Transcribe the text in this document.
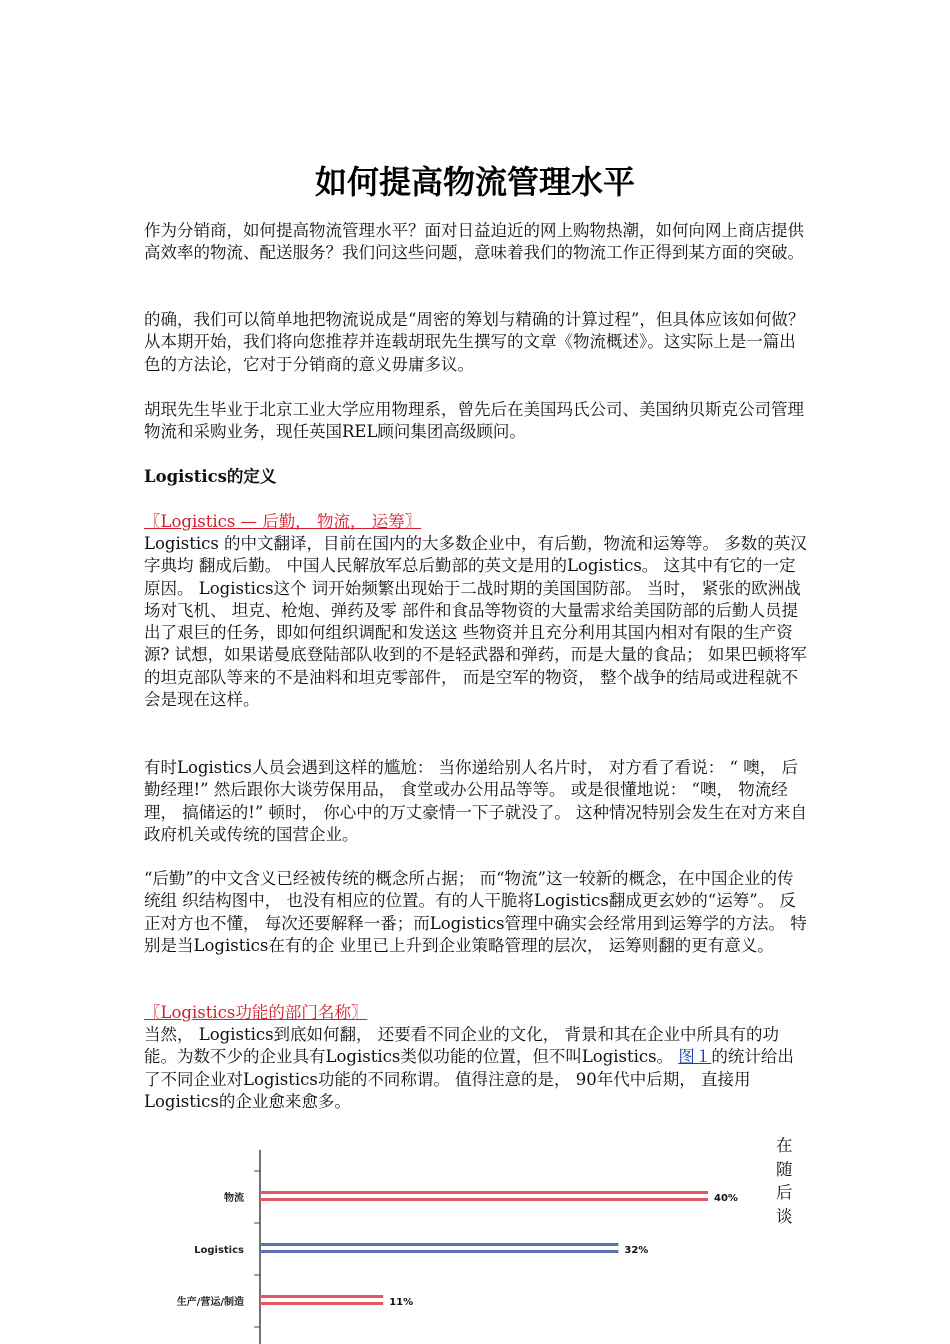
如何提高物流管理水平

作为分销商，如何提高物流管理水平？面对日益迫近的网上购物热潮，如何向网上商店提供高效率的物流、配送服务？我们问这些问题，意味着我们的物流工作正得到某方面的突破。

的确，我们可以简单地把物流说成是“周密的筹划与精确的计算过程”，但具体应该如何做？从本期开始，我们将向您推荐并连载胡珉先生撰写的文章《物流概述》。这实际上是一篇出色的方法论，它对于分销商的意义毋庸多议。

胡珉先生毕业于北京工业大学应用物理系，曾先后在美国玛氏公司、美国纳贝斯克公司管理物流和采购业务，现任英国REL顾问集团高级顾问。

Logistics的定义

〖Logistics — 后勤， 物流， 运筹〗

Logistics 的中文翻译，目前在国内的大多数企业中，有后勤，物流和运筹等。 多数的英汉字典均 翻成后勤。 中国人民解放军总后勤部的英文是用的Logistics。 这其中有它的一定原因。 Logistics这个 词开始频繁出现始于二战时期的美国国防部。 当时， 紧张的欧洲战场对飞机、 坦克、枪炮、弹药及零 部件和食品等物资的大量需求给美国防部的后勤人员提出了艰巨的任务，即如何组织调配和发送这 些物资并且充分利用其国内相对有限的生产资源? 试想，如果诺曼底登陆部队收到的不是轻武器和弹药，而是大量的食品； 如果巴顿将军的坦克部队等来的不是油料和坦克零部件， 而是空军的物资， 整个战争的结局或进程就不会是现在这样。

有时Logistics人员会遇到这样的尴尬： 当你递给别人名片时， 对方看了看说： “ 噢， 后勤经理!” 然后跟你大谈劳保用品， 食堂或办公用品等等。 或是很懂地说： “噢， 物流经理， 搞储运的!” 顿时， 你心中的万丈豪情一下子就没了。 这种情况特别会发生在对方来自政府机关或传统的国营企业。

“后勤”的中文含义已经被传统的概念所占据； 而“物流”这一较新的概念，在中国企业的传统组 织结构图中， 也没有相应的位置。有的人干脆将Logistics翻成更玄妙的“运筹”。 反正对方也不懂， 每次还要解释一番；而Logistics管理中确实会经常用到运筹学的方法。 特别是当Logistics在有的企 业里已上升到企业策略管理的层次， 运筹则翻的更有意义。

〖Logistics功能的部门名称〗

当然， Logistics到底如何翻， 还要看不同企业的文化， 背景和其在企业中所具有的功能。为数不少的企业具有Logistics类似功能的位置，但不叫Logistics。 图１的统计给出了不同企业对Logistics功能的不同称谓。 值得注意的是， 90年代中后期， 直接用Logistics的企业愈来愈多。

在
随
后
谈
物流	40%
Logistics	32%
生产/营运/制造	11%
